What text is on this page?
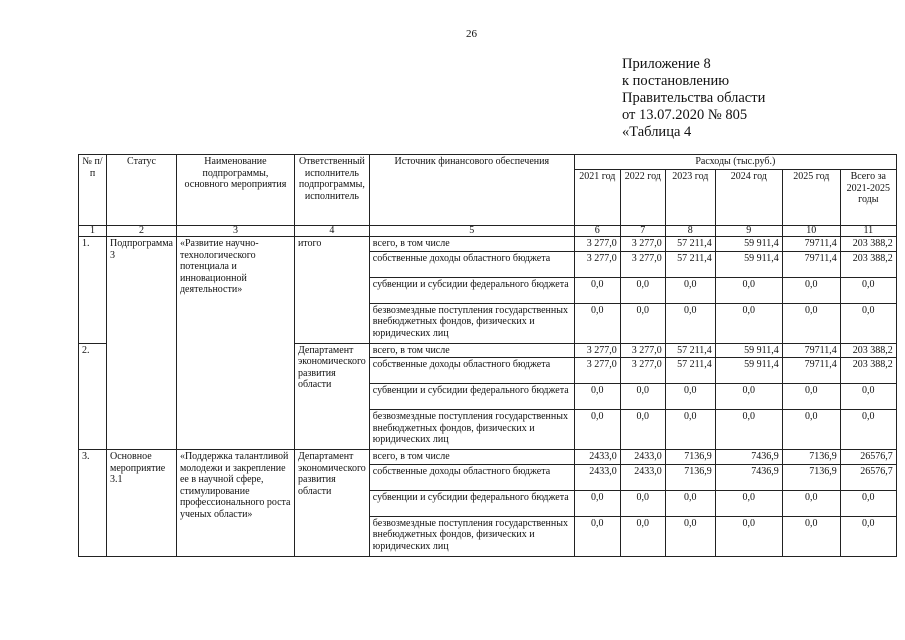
26
Приложение 8
к постановлению
Правительства области
от 13.07.2020 № 805
«Таблица 4
№ п/п	Статус	Наименование подпрограммы, основного мероприятия	Ответственный исполнитель подпрограммы, исполнитель	Источник финансового обеспечения	Расходы (тыс.руб.)					
					2021 год	2022 год	2023 год	2024 год	2025 год	Всего за 2021-2025 годы
1	2	3	4	5	6	7	8	9	10	11
1.	Подпрограмма 3	«Развитие научно-технологического потенциала и инновационной деятельности»	итого	всего, в том числе	3 277,0	3 277,0	57 211,4	59 911,4	79711,4	203 388,2
				собственные доходы областного бюджета	3 277,0	3 277,0	57 211,4	59 911,4	79711,4	203 388,2
				субвенции и субсидии федерального бюджета	0,0	0,0	0,0	0,0	0,0	0,0
				безвозмездные поступления государственных внебюджетных фондов, физических и юридических лиц	0,0	0,0	0,0	0,0	0,0	0,0
2.			Департамент экономического развития области	всего, в том числе	3 277,0	3 277,0	57 211,4	59 911,4	79711,4	203 388,2
				собственные доходы областного бюджета	3 277,0	3 277,0	57 211,4	59 911,4	79711,4	203 388,2
				субвенции и субсидии федерального бюджета	0,0	0,0	0,0	0,0	0,0	0,0
				безвозмездные поступления государственных внебюджетных фондов, физических и юридических лиц	0,0	0,0	0,0	0,0	0,0	0,0
3.	Основное мероприятие 3.1	«Поддержка талантливой молодежи и закрепление ее в научной сфере, стимулирование профессионального роста ученых области»	Департамент экономического развития области	всего, в том числе	2433,0	2433,0	7136,9	7436,9	7136,9	26576,7
				собственные доходы областного бюджета	2433,0	2433,0	7136,9	7436,9	7136,9	26576,7
				субвенции и субсидии федерального бюджета	0,0	0,0	0,0	0,0	0,0	0,0
				безвозмездные поступления государственных внебюджетных фондов, физических и юридических лиц	0,0	0,0	0,0	0,0	0,0	0,0
